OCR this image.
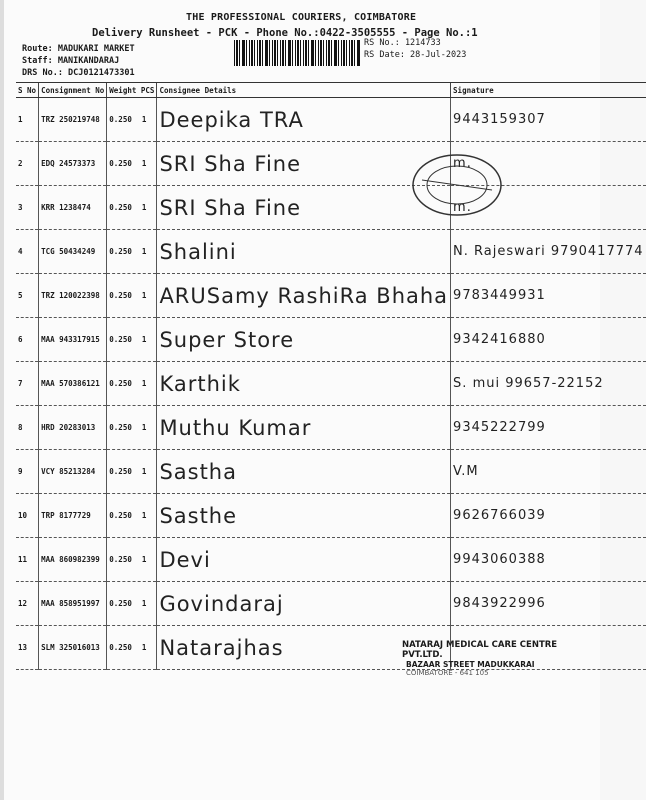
THE PROFESSIONAL COURIERS, COIMBATORE
Delivery Runsheet - PCK - Phone No.:0422-3505555 - Page No.:1
Route: MADUKARI MARKET
Staff: MANIKANDARAJ
DRS No.: DCJ0121473301
RS No.: 1214733
RS Date: 28-Jul-2023
S No	Consignment No	Weight PCS	Consignee Details	Signature
1	TRZ 250219748	0.250 1	Deepika TRA	9443159307
2	EDQ 24573373	0.250 1	SRI Sha Fine	m.
3	KRR 1238474	0.250 1	SRI Sha Fine	m.
4	TCG 50434249	0.250 1	Shalini	N. Rajeswari 9790417774
5	TRZ 120022398	0.250 1	ARUSamy RashiRa Bhaha	9783449931
6	MAA 943317915	0.250 1	Super Store	9342416880
7	MAA 570386121	0.250 1	Karthik	S. mui 99657-22152
8	HRD 20283013	0.250 1	Muthu Kumar	9345222799
9	VCY 85213284	0.250 1	Sastha	V.M
10	TRP 8177729	0.250 1	Sasthe	9626766039
11	MAA 860982399	0.250 1	Devi	9943060388
12	MAA 858951997	0.250 1	Govindaraj	9843922996
13	SLM 325016013	0.250 1	Natarajhas		NATARAJ MEDICAL CARE CENTRE PVT.LTD.
BAZAAR STREET MADUKKARAI
COIMBATORE - 641 105
